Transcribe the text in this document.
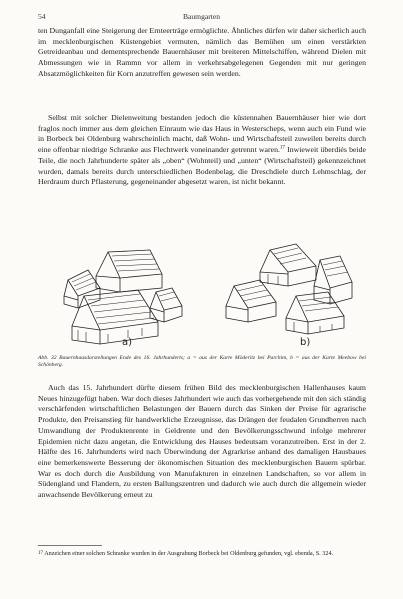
54	Baumgarten

ten Dunganfall eine Steigerung der Ernteerträge ermöglichte. Ähnliches dürfen wir daher sicherlich auch im mecklenburgischen Küstengebiet vermuten, nämlich das Bemühen um einen verstärkten Getreideanbau und dementsprechende Bauernhäuser mit breiteren Mittelschiffen, während Dielen mit Abmessungen wie in Rammn vor allem in verkehrsabgelegenen Gegenden mit nur geringen Absatzmöglichkeiten für Korn anzutreffen gewesen sein werden.

Selbst mit solcher Dielenweitung bestanden jedoch die küstennahen Bauernhäuser hier wie dort fraglos noch immer aus dem gleichen Einraum wie das Haus in Westerscheps, wenn auch ein Fund wie in Borbeck bei Oldenburg wahrscheinlich macht, daß Wohn- und Wirtschaftsteil zuweilen bereits durch eine offenbar niedrige Schranke aus Flechtwerk voneinander getrennt waren.$^{17}$ Inwieweit überdiés beide Teile, die noch Jahrhunderte später als „oben“ (Wohnteil) und „unten“ (Wirtschaftsteil) gekennzeichnet wurden, damals bereits durch unterschiedlichen Bodenbelag, die Dreschdiele durch Lehmschlag, der Herdraum durch Pflasterung, gegeneinander abgesetzt waren, ist nicht bekannt.

a)	b)

Abb. 32 Bauernhausdarstellungen Ende des 16. Jahrhunderts; a = aus der Karte Möderitz bei Parchim, b = aus der Karte Meebow bei Schönberg.

Auch das 15. Jahrhundert dürfte diesem frühen Bild des mecklenburgischen Hallenhauses kaum Neues hinzugefügt haben. War doch dieses Jahrhundert wie auch das vorhergehende mit den sich ständig verschärfenden wirtschaftlichen Belastungen der Bauern durch das Sinken der Preise für agrarische Produkte, den Preisanstieg für handwerkliche Erzeugnisse, das Drängen der feudalen Grundherren nach Umwandlung der Produktenrente in Geldrente und den Bevölkerungsschwund infolge mehrerer Epidemien nicht dazu angetan, die Entwicklung des Hauses bedeutsam voranzutreiben. Erst in der 2. Hälfte des 16. Jahrhunderts wird nach Überwindung der Agrarkrise anhand des damaligen Hausbaues eine bemerkenswerte Besserung der ökonomischen Situation des mecklenburgischen Bauern spürbar. War es doch durch die Ausbildung von Manufakturen in einzelnen Landschaften, so vor allem in Südengland und Flandern, zu ersten Ballungszentren und dadurch wie auch durch die allgemein wieder anwachsende Bevölkerung erneut zu

$^{17}$ Anzeichen einer solchen Schranke wurden in der Ausgrabung Borbeck bei Oldenburg gefunden, vgl. ebenda, S. 324.
